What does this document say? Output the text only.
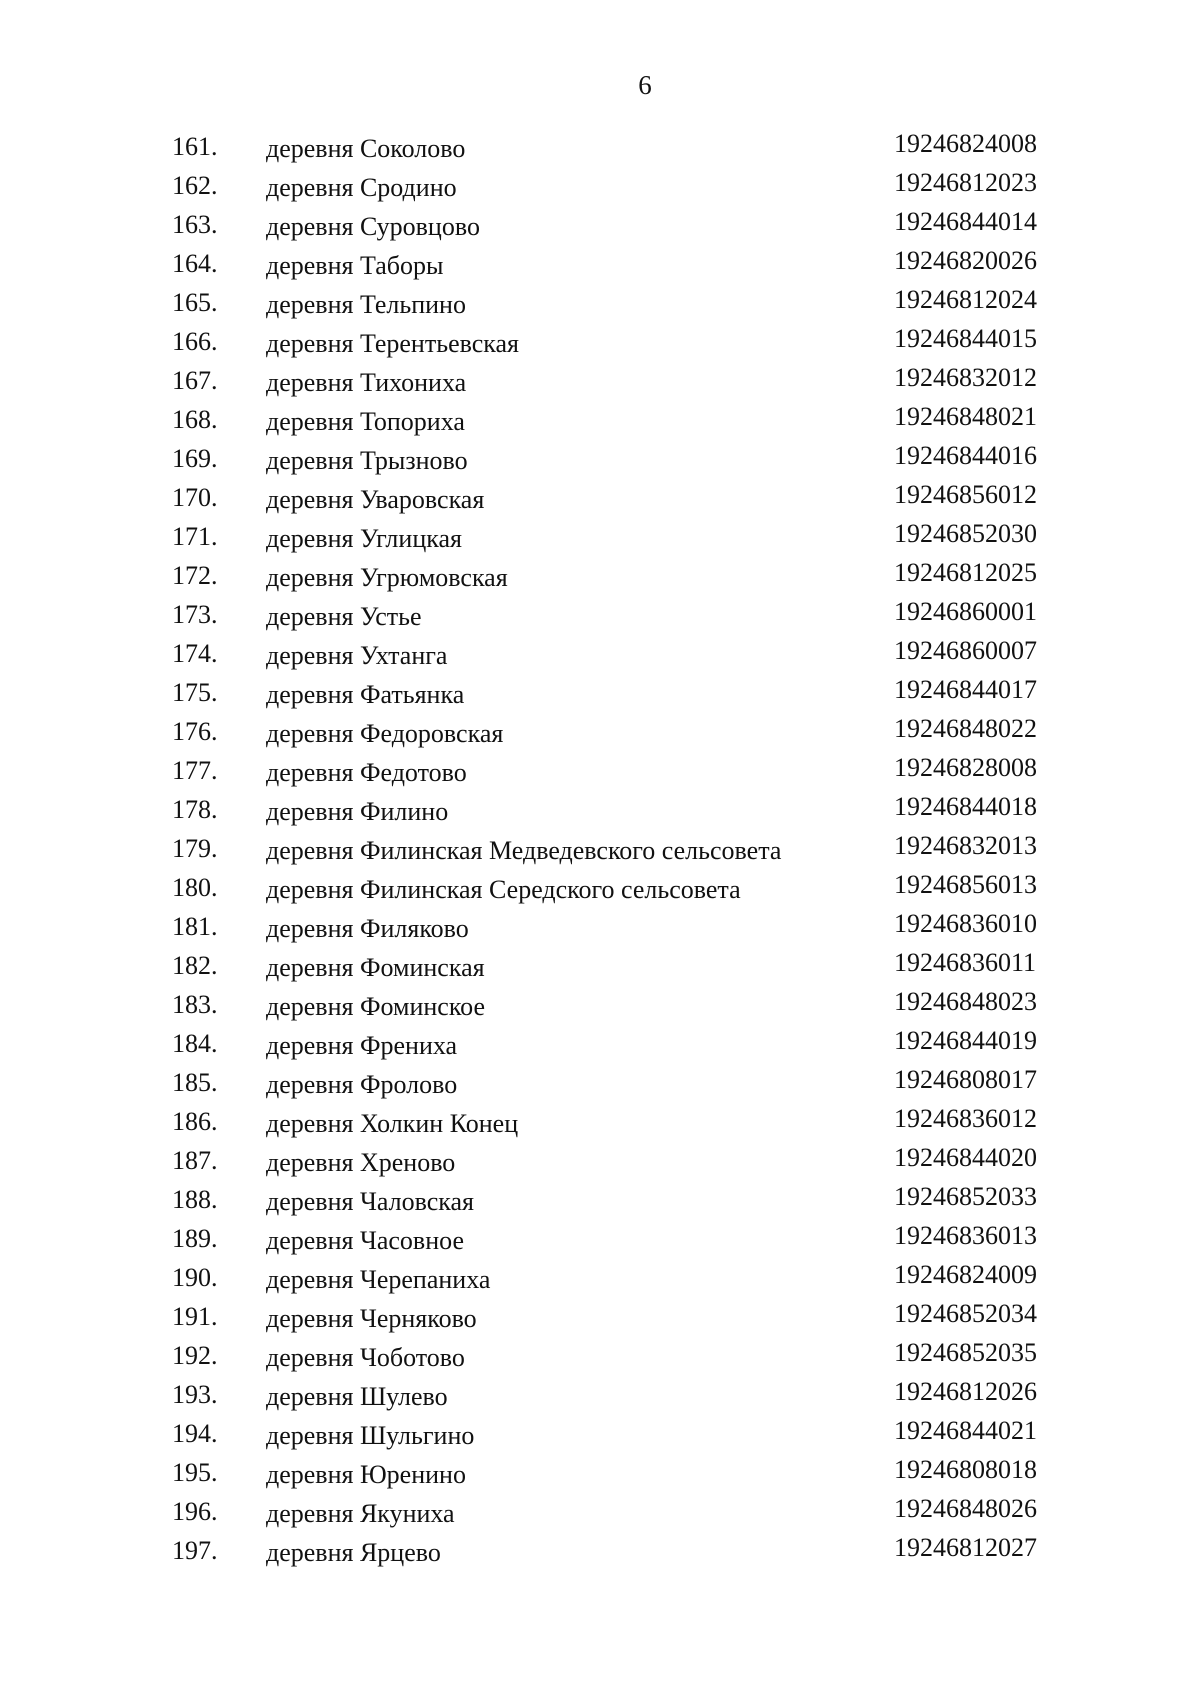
6
161.	деревня Соколово	19246824008
162.	деревня Сродино	19246812023
163.	деревня Суровцово	19246844014
164.	деревня Таборы	19246820026
165.	деревня Тельпино	19246812024
166.	деревня Терентьевская	19246844015
167.	деревня Тихониха	19246832012
168.	деревня Топориха	19246848021
169.	деревня Трызново	19246844016
170.	деревня Уваровская	19246856012
171.	деревня Углицкая	19246852030
172.	деревня Угрюмовская	19246812025
173.	деревня Устье	19246860001
174.	деревня Ухтанга	19246860007
175.	деревня Фатьянка	19246844017
176.	деревня Федоровская	19246848022
177.	деревня Федотово	19246828008
178.	деревня Филино	19246844018
179.	деревня Филинская Медведевского сельсовета	19246832013
180.	деревня Филинская Середского сельсовета	19246856013
181.	деревня Филяково	19246836010
182.	деревня Фоминская	19246836011
183.	деревня Фоминское	19246848023
184.	деревня Френиха	19246844019
185.	деревня Фролово	19246808017
186.	деревня Холкин Конец	19246836012
187.	деревня Хреново	19246844020
188.	деревня Чаловская	19246852033
189.	деревня Часовное	19246836013
190.	деревня Черепаниха	19246824009
191.	деревня Черняково	19246852034
192.	деревня Чоботово	19246852035
193.	деревня Шулево	19246812026
194.	деревня Шульгино	19246844021
195.	деревня Юренино	19246808018
196.	деревня Якуниха	19246848026
197.	деревня Ярцево	19246812027
